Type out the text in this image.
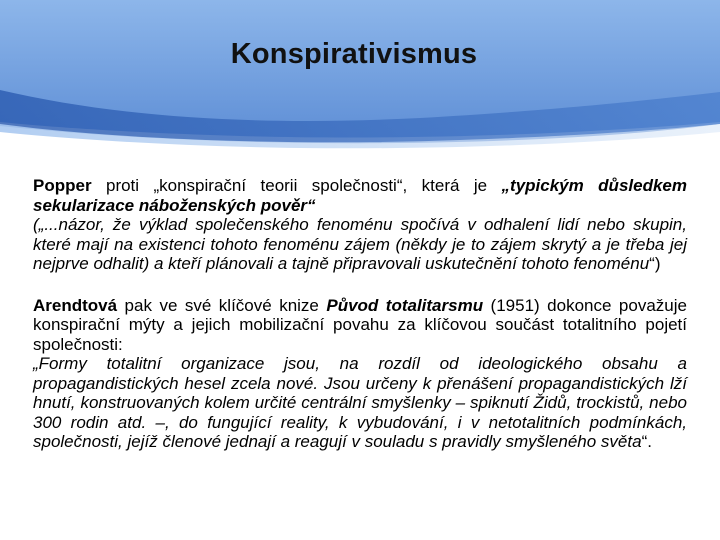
Konspirativismus

Popper proti „konspirační teorii společnosti“, která je „typickým důsledkem sekularizace náboženských pověr“

(„...názor, že výklad společenského fenoménu spočívá v odhalení lidí nebo skupin, které mají na existenci tohoto fenoménu zájem (někdy je to zájem skrytý a je třeba jej nejprve odhalit) a kteří plánovali a tajně připravovali uskutečnění tohoto fenoménu“)

Arendtová pak ve své klíčové knize Původ totalitarsmu (1951) dokonce považuje konspirační mýty a jejich mobilizační povahu za klíčovou součást totalitního pojetí společnosti:

„Formy totalitní organizace jsou, na rozdíl od ideologického obsahu a propagandistických hesel zcela nové. Jsou určeny k přenášení propagandistických lží hnutí, konstruovaných kolem určité centrální smyšlenky – spiknutí Židů, trockistů, nebo 300 rodin atd. –, do fungující reality, k vybudování, i v netotalitních podmínkách, společnosti, jejíž členové jednají a reagují v souladu s pravidly smyšleného světa“.
